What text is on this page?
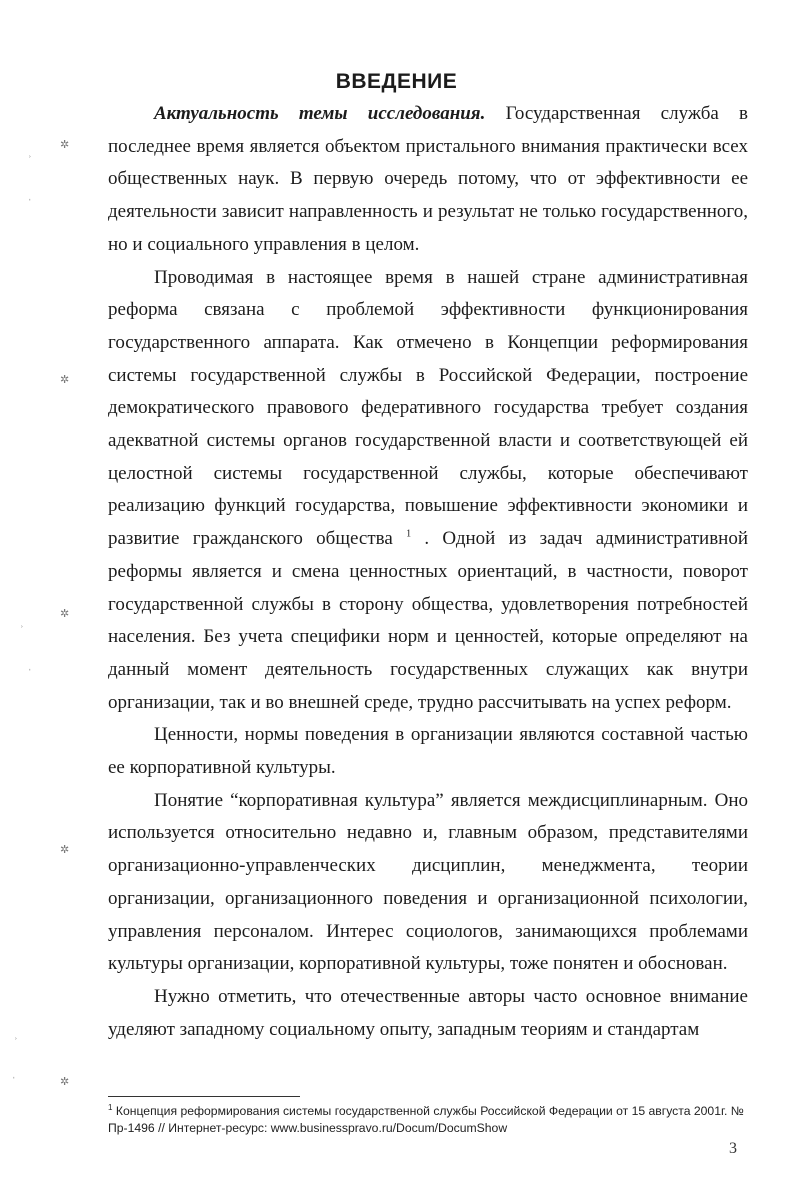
ВВЕДЕНИЕ

Актуальность темы исследования. Государственная служба в последнее время является объектом пристального внимания практически всех общественных наук. В первую очередь потому, что от эффективности ее деятельности зависит направленность и результат не только государственного, но и социального управления в целом.

Проводимая в настоящее время в нашей стране административная реформа связана с проблемой эффективности функционирования государственного аппарата. Как отмечено в Концепции реформирования системы государственной службы в Российской Федерации, построение демократического правового федеративного государства требует создания адекватной системы органов государственной власти и соответствующей ей целостной системы государственной службы, которые обеспечивают реализацию функций государства, повышение эффективности экономики и развитие гражданского общества $^1$ . Одной из задач административной реформы является и смена ценностных ориентаций, в частности, поворот государственной службы в сторону общества, удовлетворения потребностей населения. Без учета специфики норм и ценностей, которые определяют на данный момент деятельность государственных служащих как внутри организации, так и во внешней среде, трудно рассчитывать на успех реформ.

Ценности, нормы поведения в организации являются составной частью ее корпоративной культуры.

Понятие “корпоративная культура” является междисциплинарным. Оно используется относительно недавно и, главным образом, представителями организационно-управленческих дисциплин, менеджмента, теории организации, организационного поведения и организационной психологии, управления персоналом. Интерес социологов, занимающихся проблемами культуры организации, корпоративной культуры, тоже понятен и обоснован.

Нужно отметить, что отечественные авторы часто основное внимание уделяют западному социальному опыту, западным теориям и стандартам

$^1$ Концепция реформирования системы государственной службы Российской Федерации от 15 августа 2001г. № Пр-1496 // Интернет-ресурс: www.businesspravo.ru/Docum/DocumShow
3
✲
˒
ˌ
✲
✲
˒
ˌ
✲
˒
ˌ
✲
